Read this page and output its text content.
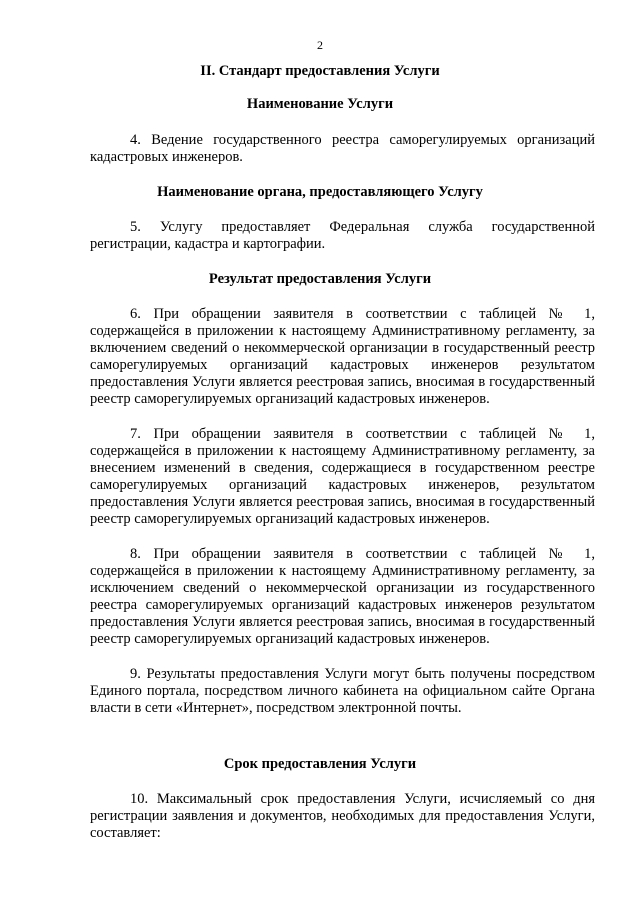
2
II. Стандарт предоставления Услуги
Наименование Услуги

4. Ведение государственного реестра саморегулируемых организаций кадастровых инженеров.

Наименование органа, предоставляющего Услугу

5. Услугу предоставляет Федеральная служба государственной регистрации, кадастра и картографии.

Результат предоставления Услуги

6. При обращении заявителя в соответствии с таблицей № 1, содержащейся в приложении к настоящему Административному регламенту, за включением сведений о некоммерческой организации в государственный реестр саморегулируемых организаций кадастровых инженеров результатом предоставления Услуги является реестровая запись, вносимая в государственный реестр саморегулируемых организаций кадастровых инженеров.

7. При обращении заявителя в соответствии с таблицей № 1, содержащейся в приложении к настоящему Административному регламенту, за внесением изменений в сведения, содержащиеся в государственном реестре саморегулируемых организаций кадастровых инженеров, результатом предоставления Услуги является реестровая запись, вносимая в государственный реестр саморегулируемых организаций кадастровых инженеров.

8. При обращении заявителя в соответствии с таблицей № 1, содержащейся в приложении к настоящему Административному регламенту, за исключением сведений о некоммерческой организации из государственного реестра саморегулируемых организаций кадастровых инженеров результатом предоставления Услуги является реестровая запись, вносимая в государственный реестр саморегулируемых организаций кадастровых инженеров.

9. Результаты предоставления Услуги могут быть получены посредством Единого портала, посредством личного кабинета на официальном сайте Органа власти в сети «Интернет», посредством электронной почты.

Срок предоставления Услуги

10. Максимальный срок предоставления Услуги, исчисляемый со дня регистрации заявления и документов, необходимых для предоставления Услуги, составляет:
